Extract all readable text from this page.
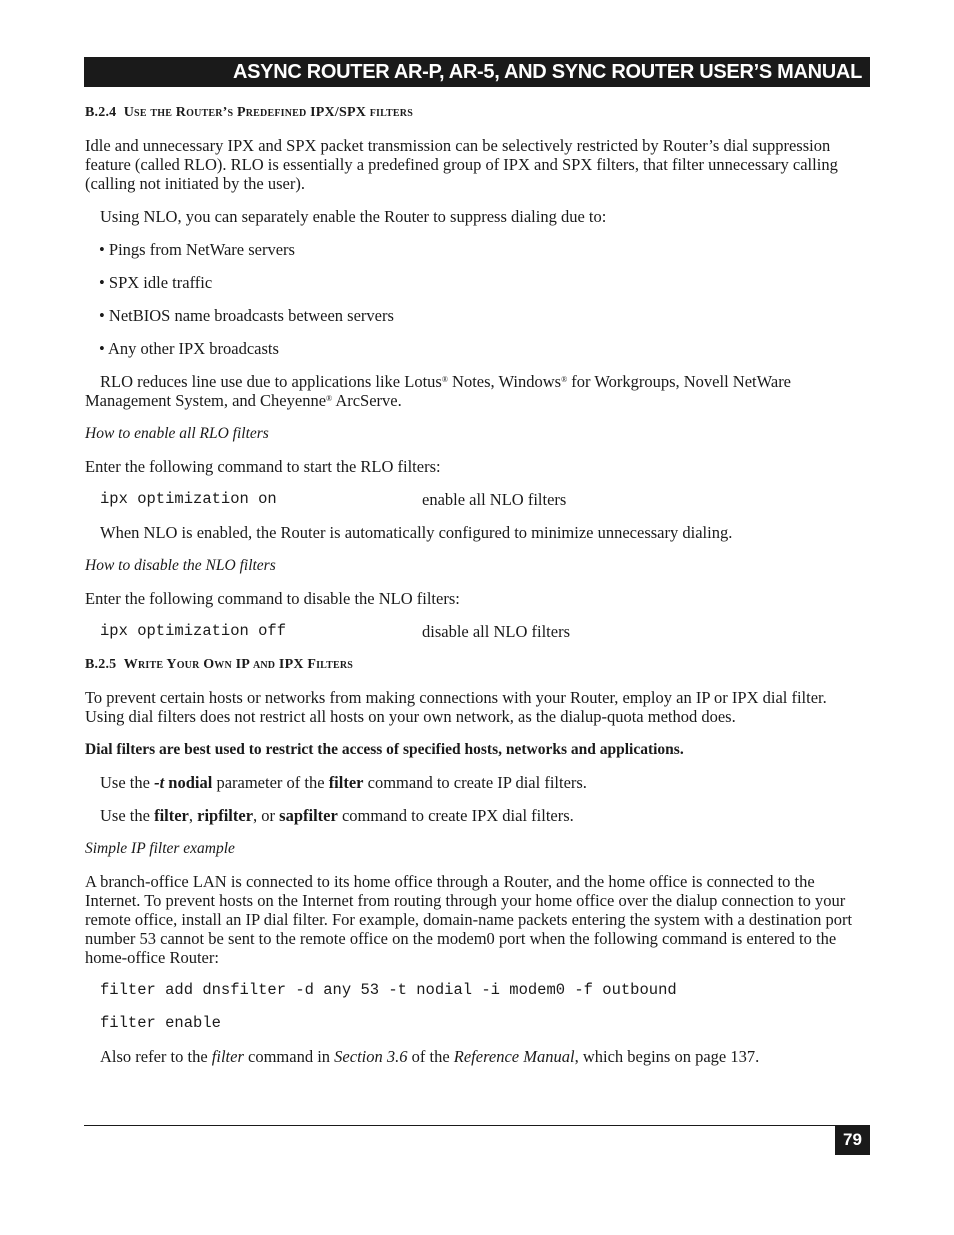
ASYNC ROUTER AR-P, AR-5, AND SYNC ROUTER USER’S MANUAL

B.2.4 Use the Router’s Predefined IPX/SPX filters

Idle and unnecessary IPX and SPX packet transmission can be selectively restricted by Router’s dial suppression feature (called RLO). RLO is essentially a predefined group of IPX and SPX filters, that filter unnecessary calling (calling not initiated by the user).

Using NLO, you can separately enable the Router to suppress dialing due to:

• Pings from NetWare servers

• SPX idle traffic

• NetBIOS name broadcasts between servers

• Any other IPX broadcasts

RLO reduces line use due to applications like Lotus® Notes, Windows® for Workgroups, Novell NetWare Management System, and Cheyenne® ArcServe.

How to enable all RLO filters

Enter the following command to start the RLO filters:

ipx optimization on	enable all NLO filters

When NLO is enabled, the Router is automatically configured to minimize unnecessary dialing.

How to disable the NLO filters

Enter the following command to disable the NLO filters:

ipx optimization off	disable all NLO filters

B.2.5 Write Your Own IP and IPX Filters

To prevent certain hosts or networks from making connections with your Router, employ an IP or IPX dial filter. Using dial filters does not restrict all hosts on your own network, as the dialup-quota method does.

Dial filters are best used to restrict the access of specified hosts, networks and applications.

Use the -t nodial parameter of the filter command to create IP dial filters.

Use the filter, ripfilter, or sapfilter command to create IPX dial filters.

Simple IP filter example

A branch-office LAN is connected to its home office through a Router, and the home office is connected to the Internet. To prevent hosts on the Internet from routing through your home office over the dialup connection to your remote office, install an IP dial filter. For example, domain-name packets entering the system with a destination port number 53 cannot be sent to the remote office on the modem0 port when the following command is entered to the home-office Router:

filter add dnsfilter -d any 53 -t nodial -i modem0 -f outbound

filter enable

Also refer to the filter command in Section 3.6 of the Reference Manual, which begins on page 137.

79
